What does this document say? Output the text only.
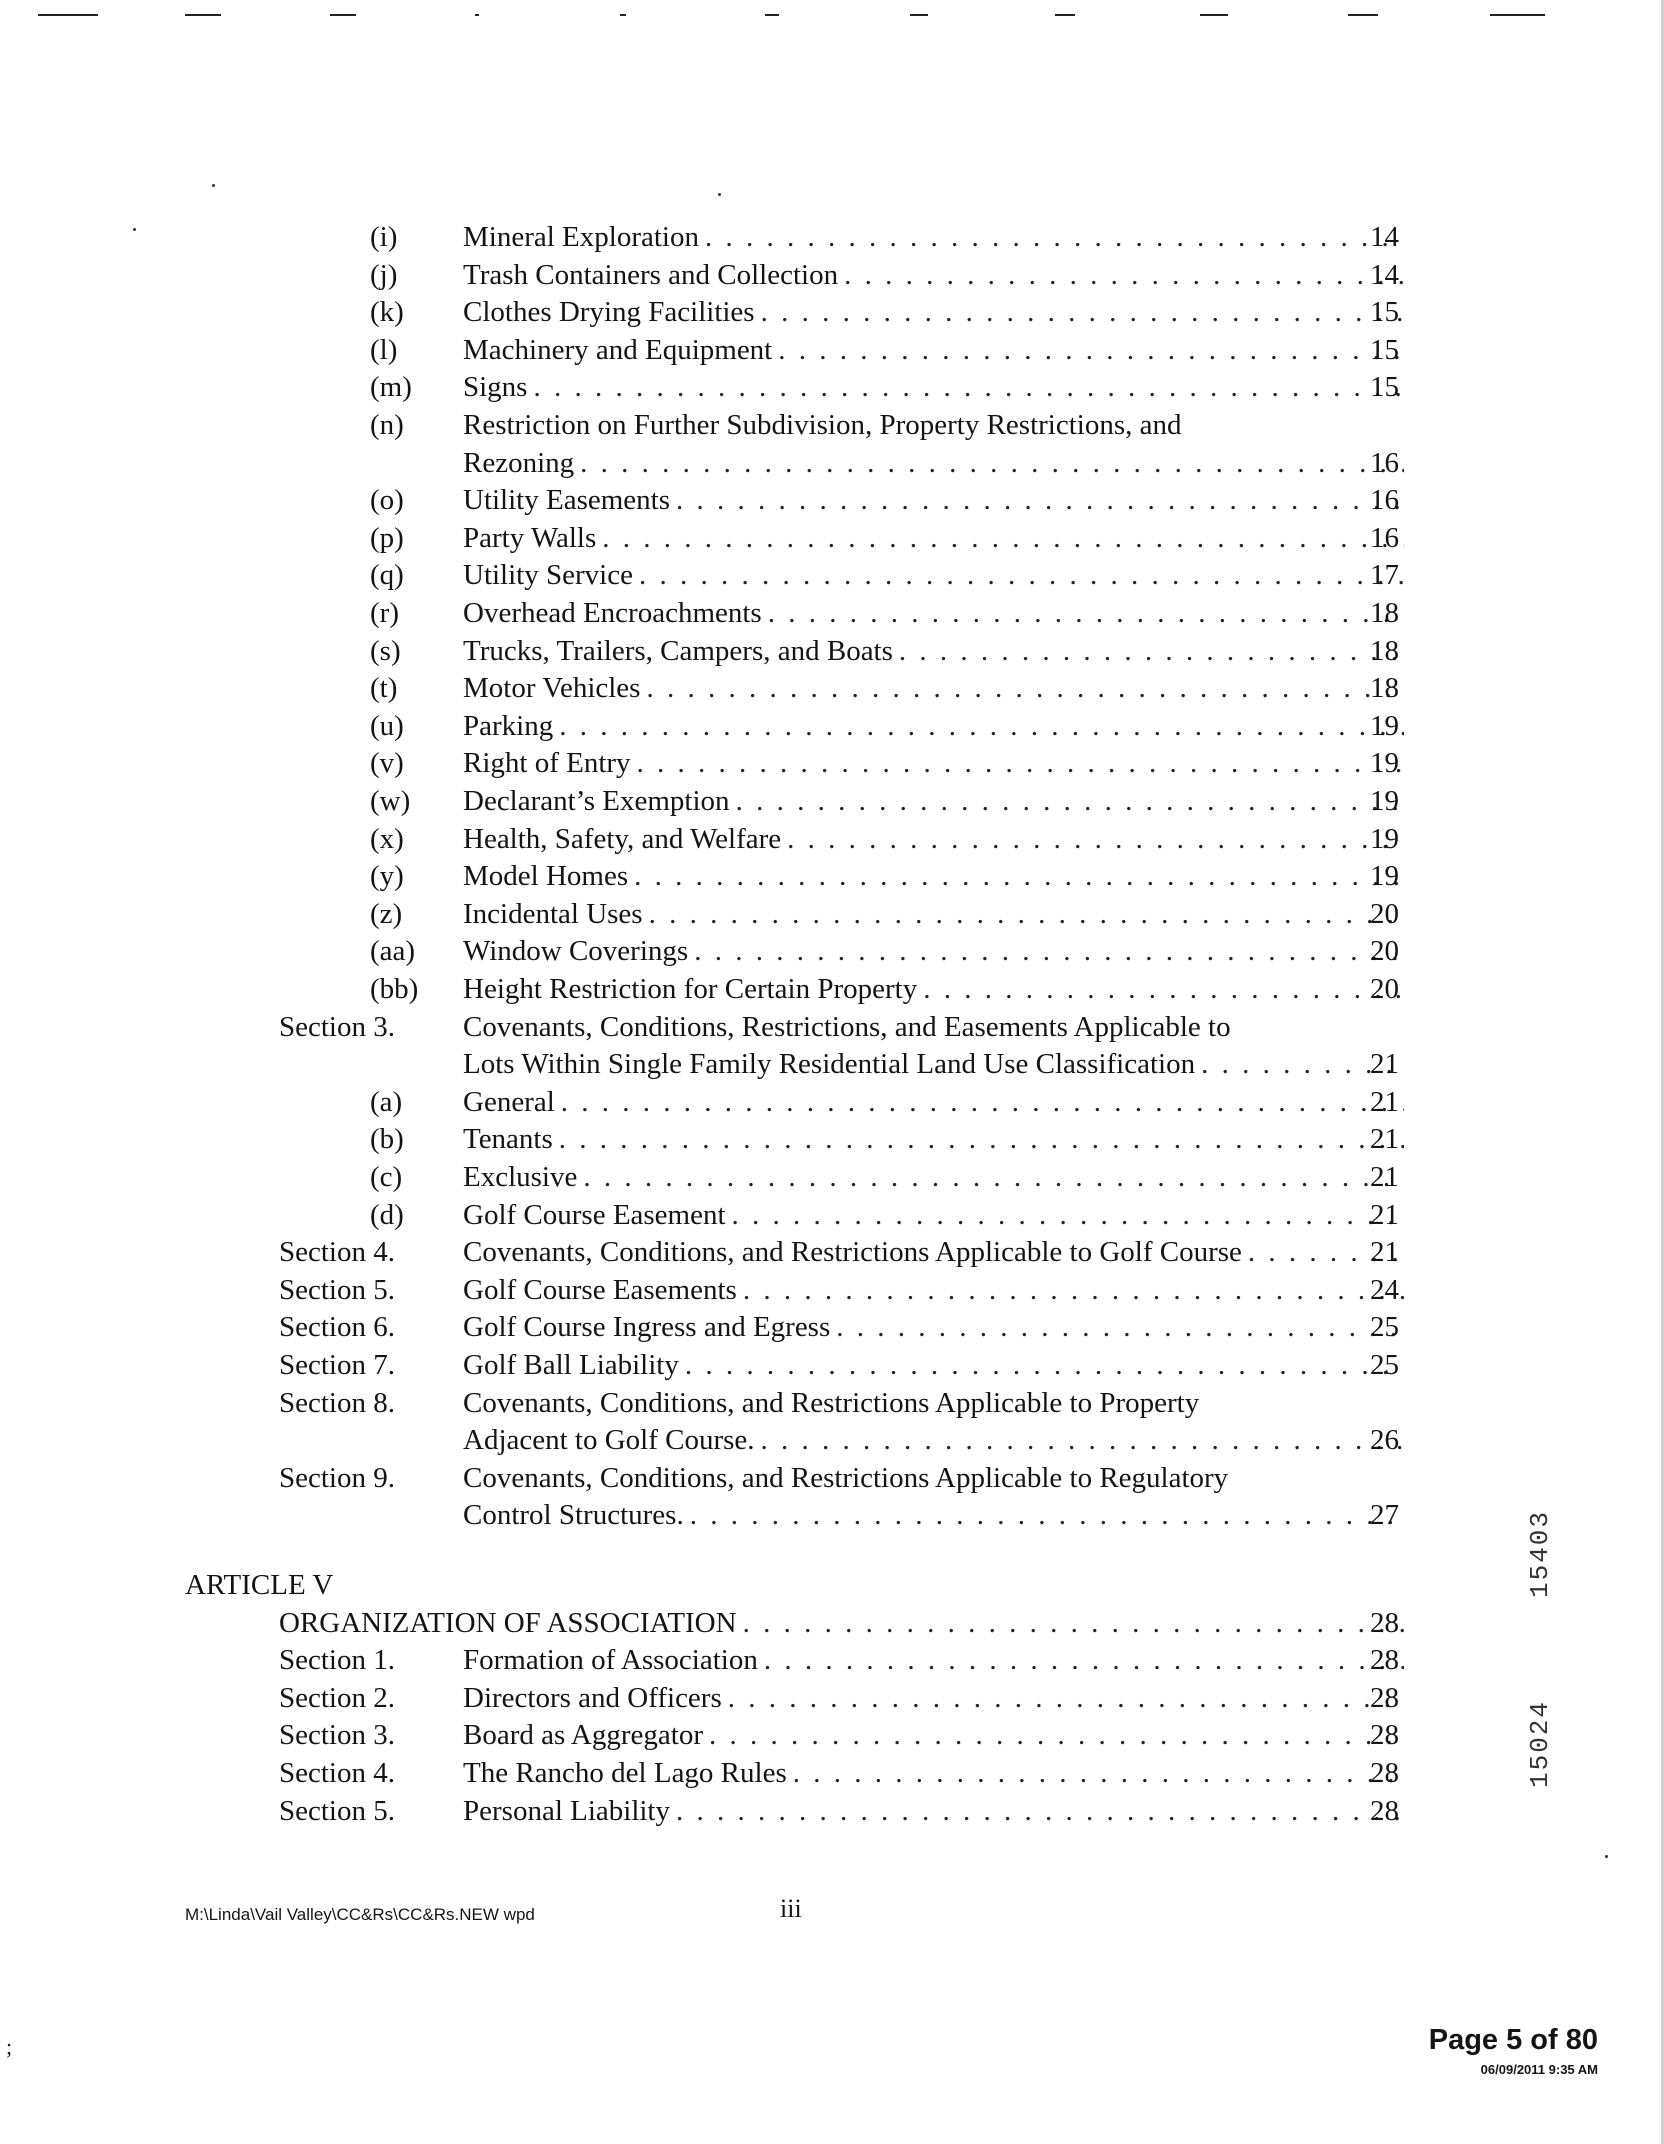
(i) Mineral Exploration . . .	14
(j) Trash Containers and Collection . . .	14
(k) Clothes Drying Facilities . . .	15
(l) Machinery and Equipment . . .	15
(m) Signs . . .	15
(n) Restriction on Further Subdivision, Property Restrictions, and
Rezoning . . .	16
(o) Utility Easements . . .	16
(p) Party Walls . . .	16
(q) Utility Service . . .	17
(r) Overhead Encroachments . . .	18
(s) Trucks, Trailers, Campers, and Boats . . .	18
(t) Motor Vehicles . . .	18
(u) Parking . . .	19
(v) Right of Entry . . .	19
(w) Declarant’s Exemption . . .	19
(x) Health, Safety, and Welfare . . .	19
(y) Model Homes . . .	19
(z) Incidental Uses . . .	20
(aa) Window Coverings . . .	20
(bb) Height Restriction for Certain Property . . .	20
Section 3. Covenants, Conditions, Restrictions, and Easements Applicable to
Lots Within Single Family Residential Land Use Classification . . .	21
(a) General . . .	21
(b) Tenants . . .	21
(c) Exclusive . . .	21
(d) Golf Course Easement . . .	21
Section 4. Covenants, Conditions, and Restrictions Applicable to Golf Course . . .	21
Section 5. Golf Course Easements . . .	24
Section 6. Golf Course Ingress and Egress . . .	25
Section 7. Golf Ball Liability . . .	25
Section 8. Covenants, Conditions, and Restrictions Applicable to Property
Adjacent to Golf Course. . . .	26
Section 9. Covenants, Conditions, and Restrictions Applicable to Regulatory
Control Structures. . . .	27
ARTICLE V
ORGANIZATION OF ASSOCIATION . . .	28
Section 1. Formation of Association . . .	28
Section 2. Directors and Officers . . .	28
Section 3. Board as Aggregator . . .	28
Section 4. The Rancho del Lago Rules . . .	28
Section 5. Personal Liability . . .	28
M:\Linda\Vail Valley\CC&Rs\CC&Rs.NEW wpd	iii
15403
15024
;	Page 5 of 80
06/09/2011 9:35 AM
